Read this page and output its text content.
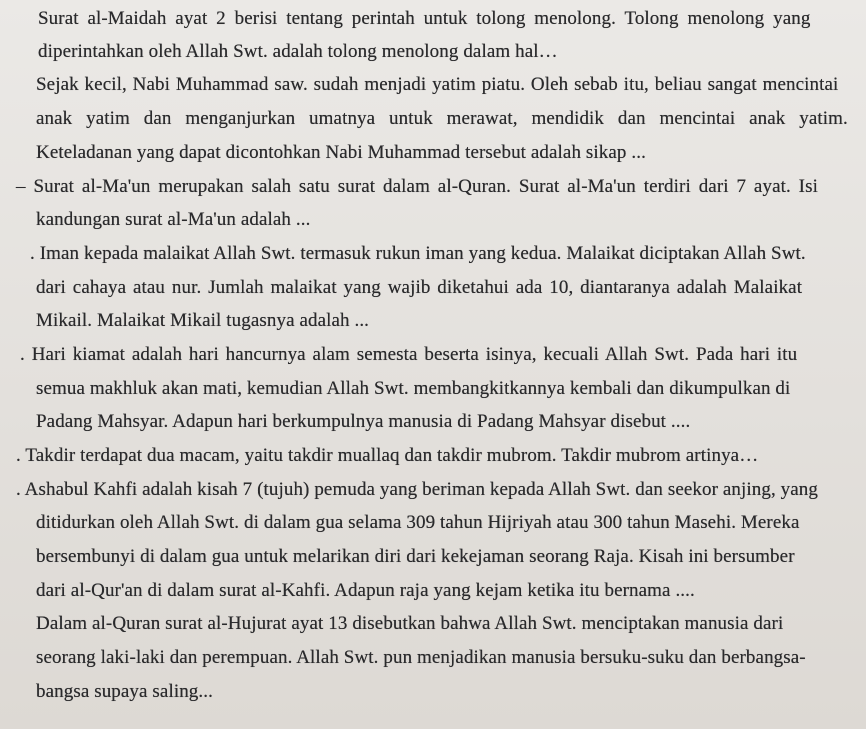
Surat al-Maidah ayat 2 berisi tentang perintah untuk tolong menolong. Tolong menolong yang
diperintahkan oleh Allah Swt. adalah tolong menolong dalam hal…
Sejak kecil, Nabi Muhammad saw. sudah menjadi yatim piatu. Oleh sebab itu, beliau sangat mencintai
anak yatim dan menganjurkan umatnya untuk merawat, mendidik dan mencintai anak yatim.
Keteladanan yang dapat dicontohkan Nabi Muhammad tersebut adalah sikap ...
– Surat al-Ma'un merupakan salah satu surat dalam al-Quran. Surat al-Ma'un terdiri dari 7 ayat. Isi
kandungan surat al-Ma'un adalah ...
. Iman kepada malaikat Allah Swt. termasuk rukun iman yang kedua. Malaikat diciptakan Allah Swt.
dari cahaya atau nur. Jumlah malaikat yang wajib diketahui ada 10, diantaranya adalah Malaikat
Mikail. Malaikat Mikail tugasnya adalah ...
. Hari kiamat adalah hari hancurnya alam semesta beserta isinya, kecuali Allah Swt. Pada hari itu
semua makhluk akan mati, kemudian Allah Swt. membangkitkannya kembali dan dikumpulkan di
Padang Mahsyar. Adapun hari berkumpulnya manusia di Padang Mahsyar disebut ....
. Takdir terdapat dua macam, yaitu takdir muallaq dan takdir mubrom. Takdir mubrom artinya…
. Ashabul Kahfi adalah kisah 7 (tujuh) pemuda yang beriman kepada Allah Swt. dan seekor anjing, yang
ditidurkan oleh Allah Swt. di dalam gua selama 309 tahun Hijriyah atau 300 tahun Masehi. Mereka
bersembunyi di dalam gua untuk melarikan diri dari kekejaman seorang Raja. Kisah ini bersumber
dari al-Qur'an di dalam surat al-Kahfi. Adapun raja yang kejam ketika itu bernama ....
Dalam al-Quran surat al-Hujurat ayat 13 disebutkan bahwa Allah Swt. menciptakan manusia dari
seorang laki-laki dan perempuan. Allah Swt. pun menjadikan manusia bersuku-suku dan berbangsa-
bangsa supaya saling...
